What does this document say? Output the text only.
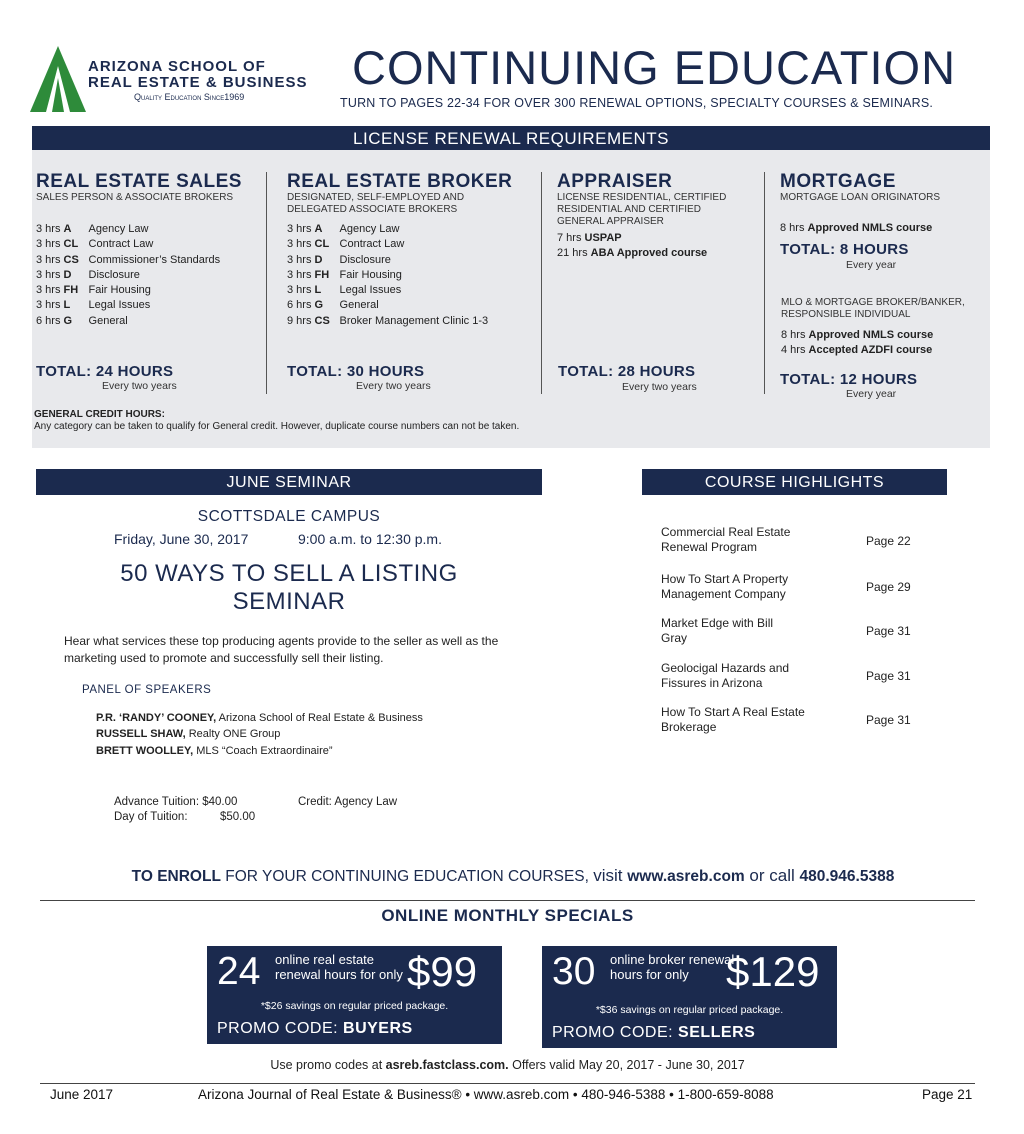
ARIZONA SCHOOL OF
REAL ESTATE & BUSINESS
Quality Education Since1969
CONTINUING EDUCATION
TURN TO PAGES 22-34 FOR OVER 300 RENEWAL OPTIONS, SPECIALTY COURSES & SEMINARS.
LICENSE RENEWAL REQUIREMENTS
REAL ESTATE SALES
SALES PERSON & ASSOCIATE BROKERS
3 hrs A Agency Law
3 hrs CL Contract Law
3 hrs CS Commissioner’s Standards
3 hrs D Disclosure
3 hrs FH Fair Housing
3 hrs L Legal Issues
6 hrs G General
TOTAL: 24 HOURS
Every two years
REAL ESTATE BROKER
DESIGNATED, SELF-EMPLOYED AND DELEGATED ASSOCIATE BROKERS
3 hrs A Agency Law
3 hrs CL Contract Law
3 hrs D Disclosure
3 hrs FH Fair Housing
3 hrs L Legal Issues
6 hrs G General
9 hrs CS Broker Management Clinic 1-3
TOTAL: 30 HOURS
Every two years
APPRAISER
LICENSE RESIDENTIAL, CERTIFIED RESIDENTIAL AND CERTIFIED GENERAL APPRAISER
7 hrs USPAP
21 hrs ABA Approved course
TOTAL: 28 HOURS
Every two years
MORTGAGE
MORTGAGE LOAN ORIGINATORS
8 hrs Approved NMLS course
TOTAL: 8 HOURS
Every year
MLO & MORTGAGE BROKER/BANKER, RESPONSIBLE INDIVIDUAL
8 hrs Approved NMLS course
4 hrs Accepted AZDFI course
TOTAL: 12 HOURS
Every year
GENERAL CREDIT HOURS:
Any category can be taken to qualify for General credit. However, duplicate course numbers can not be taken.
JUNE SEMINAR
SCOTTSDALE CAMPUS
Friday, June 30, 2017	9:00 a.m. to 12:30 p.m.
50 WAYS TO SELL A LISTING
SEMINAR
Hear what services these top producing agents provide to the seller as well as the marketing used to promote and successfully sell their listing.
PANEL OF SPEAKERS
P.R. ‘RANDY’ COONEY, Arizona School of Real Estate & Business
RUSSELL SHAW, Realty ONE Group
BRETT WOOLLEY, MLS “Coach Extraordinaire”
Advance Tuition: $40.00
Day of Tuition:	$50.00
Credit: Agency Law
COURSE HIGHLIGHTS
Commercial Real Estate Renewal Program	Page 22
How To Start A Property Management Company	Page 29
Market Edge with Bill Gray	Page 31
Geolocigal Hazards and Fissures in Arizona	Page 31
How To Start A Real Estate Brokerage	Page 31
TO ENROLL FOR YOUR CONTINUING EDUCATION COURSES, visit www.asreb.com or call 480.946.5388
ONLINE MONTHLY SPECIALS
24 online real estate renewal hours for only $99
*$26 savings on regular priced package.
PROMO CODE: BUYERS
30 online broker renewal hours for only $129
*$36 savings on regular priced package.
PROMO CODE: SELLERS
Use promo codes at asreb.fastclass.com. Offers valid May 20, 2017 - June 30, 2017
June 2017	Arizona Journal of Real Estate & Business® • www.asreb.com • 480-946-5388 • 1-800-659-8088	Page 21
